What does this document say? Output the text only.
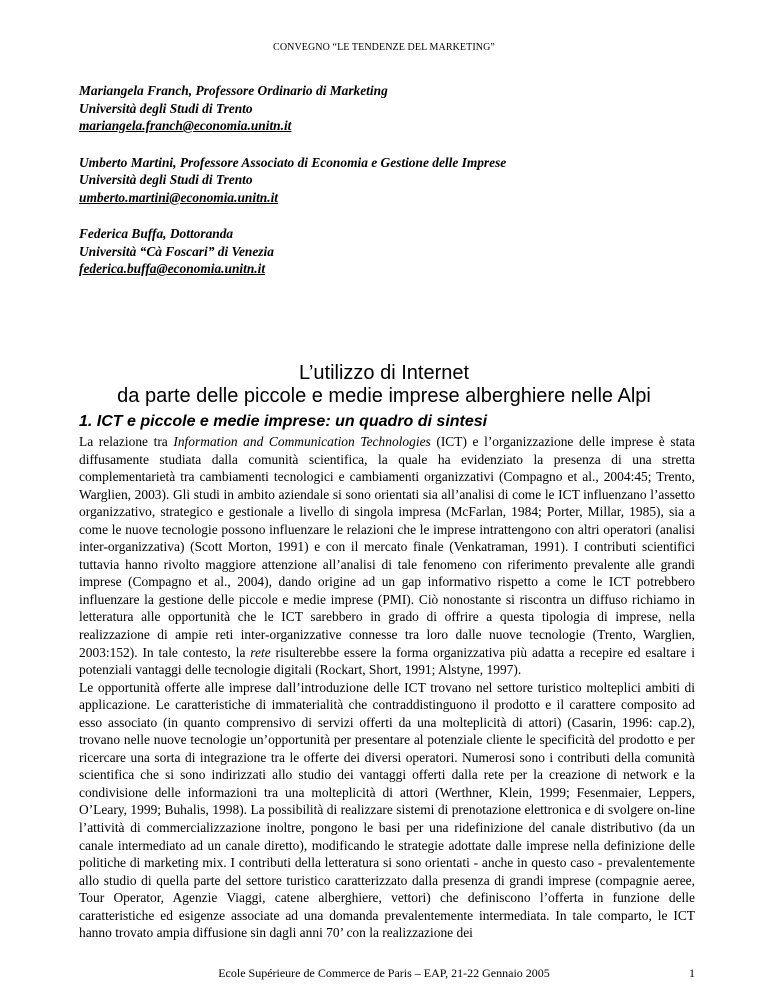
CONVEGNO “LE TENDENZE DEL MARKETING”
Mariangela Franch, Professore Ordinario di Marketing
Università degli Studi di Trento
mariangela.franch@economia.unitn.it
Umberto Martini, Professore Associato di Economia e Gestione delle Imprese
Università degli Studi di Trento
umberto.martini@economia.unitn.it
Federica Buffa, Dottoranda
Università “Cà Foscari” di Venezia
federica.buffa@economia.unitn.it
L’utilizzo di Internet
da parte delle piccole e medie imprese alberghiere nelle Alpi
1. ICT e piccole e medie imprese: un quadro di sintesi

La relazione tra Information and Communication Technologies (ICT) e l’organizzazione delle imprese è stata diffusamente studiata dalla comunità scientifica, la quale ha evidenziato la presenza di una stretta complementarietà tra cambiamenti tecnologici e cambiamenti organizzativi (Compagno et al., 2004:45; Trento, Warglien, 2003). Gli studi in ambito aziendale si sono orientati sia all’analisi di come le ICT influenzano l’assetto organizzativo, strategico e gestionale a livello di singola impresa (McFarlan, 1984; Porter, Millar, 1985), sia a come le nuove tecnologie possono influenzare le relazioni che le imprese intrattengono con altri operatori (analisi inter-organizzativa) (Scott Morton, 1991) e con il mercato finale (Venkatraman, 1991). I contributi scientifici tuttavia hanno rivolto maggiore attenzione all’analisi di tale fenomeno con riferimento prevalente alle grandi imprese (Compagno et al., 2004), dando origine ad un gap informativo rispetto a come le ICT potrebbero influenzare la gestione delle piccole e medie imprese (PMI). Ciò nonostante si riscontra un diffuso richiamo in letteratura alle opportunità che le ICT sarebbero in grado di offrire a questa tipologia di imprese, nella realizzazione di ampie reti inter-organizzative connesse tra loro dalle nuove tecnologie (Trento, Warglien, 2003:152). In tale contesto, la rete risulterebbe essere la forma organizzativa più adatta a recepire ed esaltare i potenziali vantaggi delle tecnologie digitali (Rockart, Short, 1991; Alstyne, 1997).

Le opportunità offerte alle imprese dall’introduzione delle ICT trovano nel settore turistico molteplici ambiti di applicazione. Le caratteristiche di immaterialità che contraddistinguono il prodotto e il carattere composito ad esso associato (in quanto comprensivo di servizi offerti da una molteplicità di attori) (Casarin, 1996: cap.2), trovano nelle nuove tecnologie un’opportunità per presentare al potenziale cliente le specificità del prodotto e per ricercare una sorta di integrazione tra le offerte dei diversi operatori. Numerosi sono i contributi della comunità scientifica che si sono indirizzati allo studio dei vantaggi offerti dalla rete per la creazione di network e la condivisione delle informazioni tra una molteplicità di attori (Werthner, Klein, 1999; Fesenmaier, Leppers, O’Leary, 1999; Buhalis, 1998). La possibilità di realizzare sistemi di prenotazione elettronica e di svolgere on-line l’attività di commercializzazione inoltre, pongono le basi per una ridefinizione del canale distributivo (da un canale intermediato ad un canale diretto), modificando le strategie adottate dalle imprese nella definizione delle politiche di marketing mix. I contributi della letteratura si sono orientati - anche in questo caso - prevalentemente allo studio di quella parte del settore turistico caratterizzato dalla presenza di grandi imprese (compagnie aeree, Tour Operator, Agenzie Viaggi, catene alberghiere, vettori) che definiscono l’offerta in funzione delle caratteristiche ed esigenze associate ad una domanda prevalentemente intermediata. In tale comparto, le ICT hanno trovato ampia diffusione sin dagli anni 70’ con la realizzazione dei

Ecole Supérieure de Commerce de Paris – EAP, 21-22 Gennaio 2005	1
